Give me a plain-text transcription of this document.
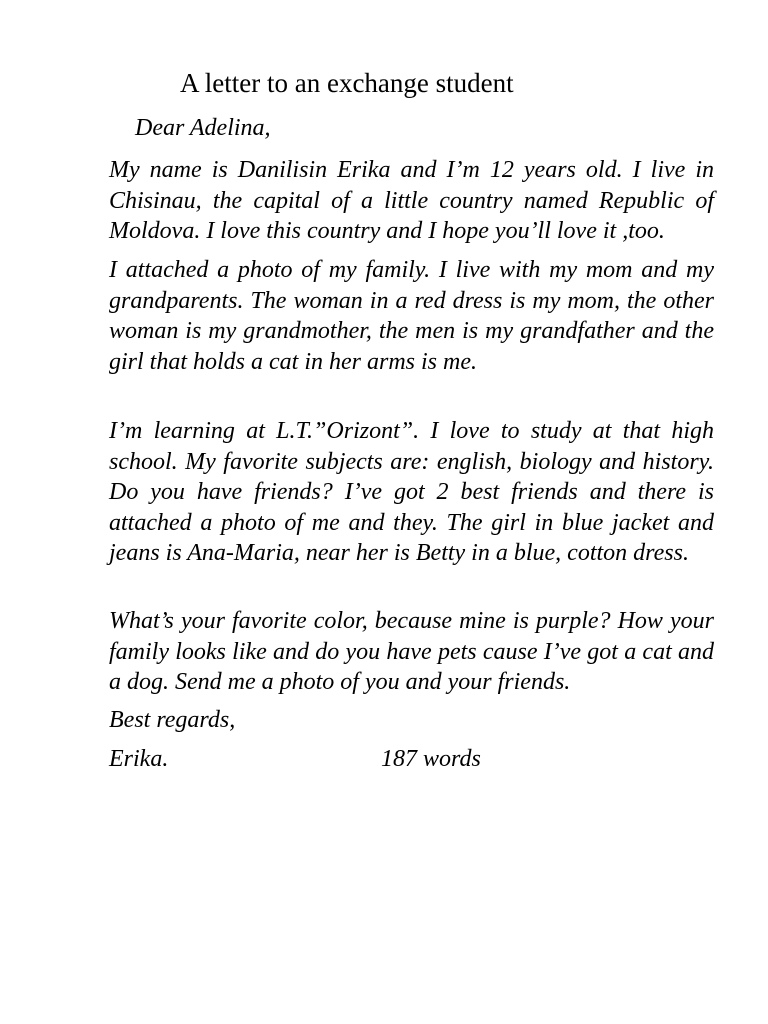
A letter to an exchange student
Dear Adelina,

My name is Danilisin Erika and I’m 12 years old. I live in Chisinau, the capital of a little country named Republic of Moldova. I love this country and I hope you’ll love it ,too.

I attached a photo of my family. I live with my mom and my grandparents. The woman in a red dress is my mom, the other woman is my grandmother, the men is my grandfather and the girl that holds a cat in her arms is me.

I’m learning at L.T.”Orizont”. I love to study at that high school. My favorite subjects are: english, biology and history. Do you have friends? I’ve got 2 best friends and there is attached a photo of me and they. The girl in blue jacket and jeans is Ana-Maria, near her is Betty in a blue, cotton dress.

What’s your favorite color, because mine is purple? How your family looks like and do you have pets cause I’ve got a cat and a dog. Send me a photo of you and your friends.

Best regards,
Erika.	187 words
